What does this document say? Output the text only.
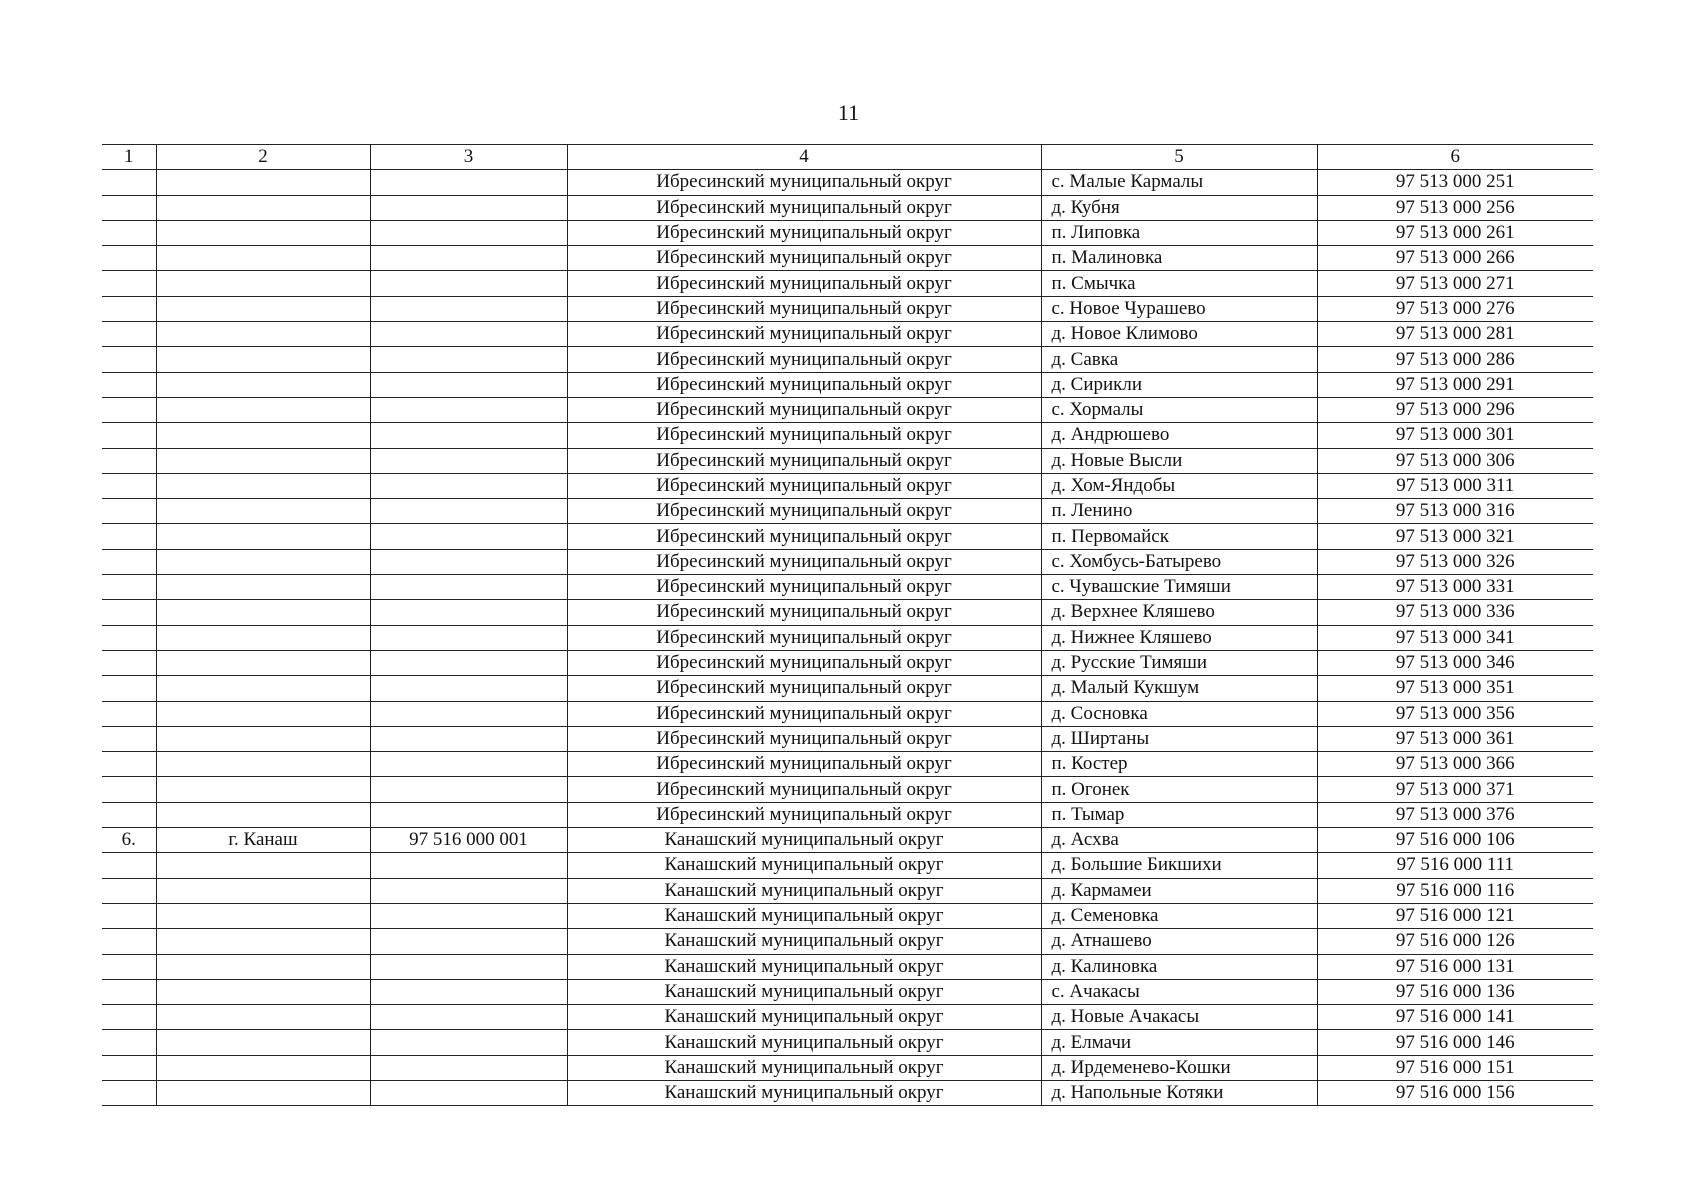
11
1	2	3	4	5	6
			Ибресинский муниципальный округ	с. Малые Кармалы	97 513 000 251
			Ибресинский муниципальный округ	д. Кубня	97 513 000 256
			Ибресинский муниципальный округ	п. Липовка	97 513 000 261
			Ибресинский муниципальный округ	п. Малиновка	97 513 000 266
			Ибресинский муниципальный округ	п. Смычка	97 513 000 271
			Ибресинский муниципальный округ	с. Новое Чурашево	97 513 000 276
			Ибресинский муниципальный округ	д. Новое Климово	97 513 000 281
			Ибресинский муниципальный округ	д. Савка	97 513 000 286
			Ибресинский муниципальный округ	д. Сирикли	97 513 000 291
			Ибресинский муниципальный округ	с. Хормалы	97 513 000 296
			Ибресинский муниципальный округ	д. Андрюшево	97 513 000 301
			Ибресинский муниципальный округ	д. Новые Высли	97 513 000 306
			Ибресинский муниципальный округ	д. Хом-Яндобы	97 513 000 311
			Ибресинский муниципальный округ	п. Ленино	97 513 000 316
			Ибресинский муниципальный округ	п. Первомайск	97 513 000 321
			Ибресинский муниципальный округ	с. Хомбусь-Батырево	97 513 000 326
			Ибресинский муниципальный округ	с. Чувашские Тимяши	97 513 000 331
			Ибресинский муниципальный округ	д. Верхнее Кляшево	97 513 000 336
			Ибресинский муниципальный округ	д. Нижнее Кляшево	97 513 000 341
			Ибресинский муниципальный округ	д. Русские Тимяши	97 513 000 346
			Ибресинский муниципальный округ	д. Малый Кукшум	97 513 000 351
			Ибресинский муниципальный округ	д. Сосновка	97 513 000 356
			Ибресинский муниципальный округ	д. Ширтаны	97 513 000 361
			Ибресинский муниципальный округ	п. Костер	97 513 000 366
			Ибресинский муниципальный округ	п. Огонек	97 513 000 371
			Ибресинский муниципальный округ	п. Тымар	97 513 000 376
6.	г. Канаш	97 516 000 001	Канашский муниципальный округ	д. Асхва	97 516 000 106
			Канашский муниципальный округ	д. Большие Бикшихи	97 516 000 111
			Канашский муниципальный округ	д. Кармамеи	97 516 000 116
			Канашский муниципальный округ	д. Семеновка	97 516 000 121
			Канашский муниципальный округ	д. Атнашево	97 516 000 126
			Канашский муниципальный округ	д. Калиновка	97 516 000 131
			Канашский муниципальный округ	с. Ачакасы	97 516 000 136
			Канашский муниципальный округ	д. Новые Ачакасы	97 516 000 141
			Канашский муниципальный округ	д. Елмачи	97 516 000 146
			Канашский муниципальный округ	д. Ирдеменево-Кошки	97 516 000 151
			Канашский муниципальный округ	д. Напольные Котяки	97 516 000 156
